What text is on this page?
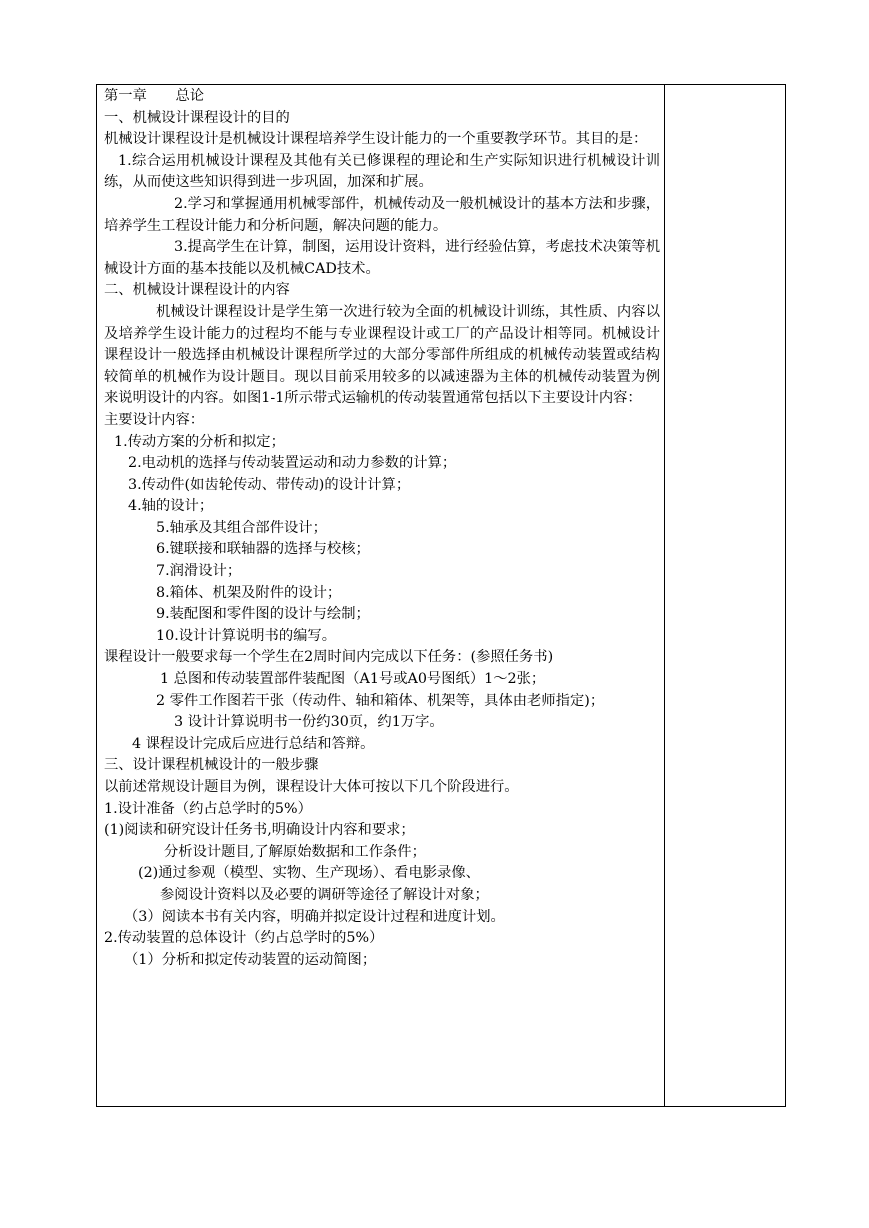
第一章　　总论
一、机械设计课程设计的目的
机械设计课程设计是机械设计课程培养学生设计能力的一个重要教学环节。其目的是：
1.综合运用机械设计课程及其他有关已修课程的理论和生产实际知识进行机械设计训练，从而使这些知识得到进一步巩固，加深和扩展。
2.学习和掌握通用机械零部件，机械传动及一般机械设计的基本方法和步骤，培养学生工程设计能力和分析问题，解决问题的能力。
3.提高学生在计算，制图，运用设计资料，进行经验估算，考虑技术决策等机械设计方面的基本技能以及机械CAD技术。
二、机械设计课程设计的内容
机械设计课程设计是学生第一次进行较为全面的机械设计训练，其性质、内容以及培养学生设计能力的过程均不能与专业课程设计或工厂的产品设计相等同。机械设计课程设计一般选择由机械设计课程所学过的大部分零部件所组成的机械传动装置或结构较简单的机械作为设计题目。现以目前采用较多的以减速器为主体的机械传动装置为例来说明设计的内容。如图1-1所示带式运输机的传动装置通常包括以下主要设计内容：
主要设计内容：
1.传动方案的分析和拟定；
2.电动机的选择与传动装置运动和动力参数的计算；
3.传动件(如齿轮传动、带传动)的设计计算；
4.轴的设计；
5.轴承及其组合部件设计；
6.键联接和联轴器的选择与校核；
7.润滑设计；
8.箱体、机架及附件的设计；
9.装配图和零件图的设计与绘制；
10.设计计算说明书的编写。
课程设计一般要求每一个学生在2周时间内完成以下任务：(参照任务书)
1 总图和传动装置部件装配图（A1号或A0号图纸）1～2张；
2 零件工作图若干张（传动件、轴和箱体、机架等，具体由老师指定)；
3 设计计算说明书一份约30页，约1万字。
4 课程设计完成后应进行总结和答辩。
三、设计课程机械设计的一般步骤
以前述常规设计题目为例，课程设计大体可按以下几个阶段进行。
1.设计准备（约占总学时的5%）
(1)阅读和研究设计任务书,明确设计内容和要求；
分析设计题目,了解原始数据和工作条件；
(2)通过参观（模型、实物、生产现场）、看电影录像、
参阅设计资料以及必要的调研等途径了解设计对象；
（3）阅读本书有关内容，明确并拟定设计过程和进度计划。
2.传动装置的总体设计（约占总学时的5%）
（1）分析和拟定传动装置的运动简图；
